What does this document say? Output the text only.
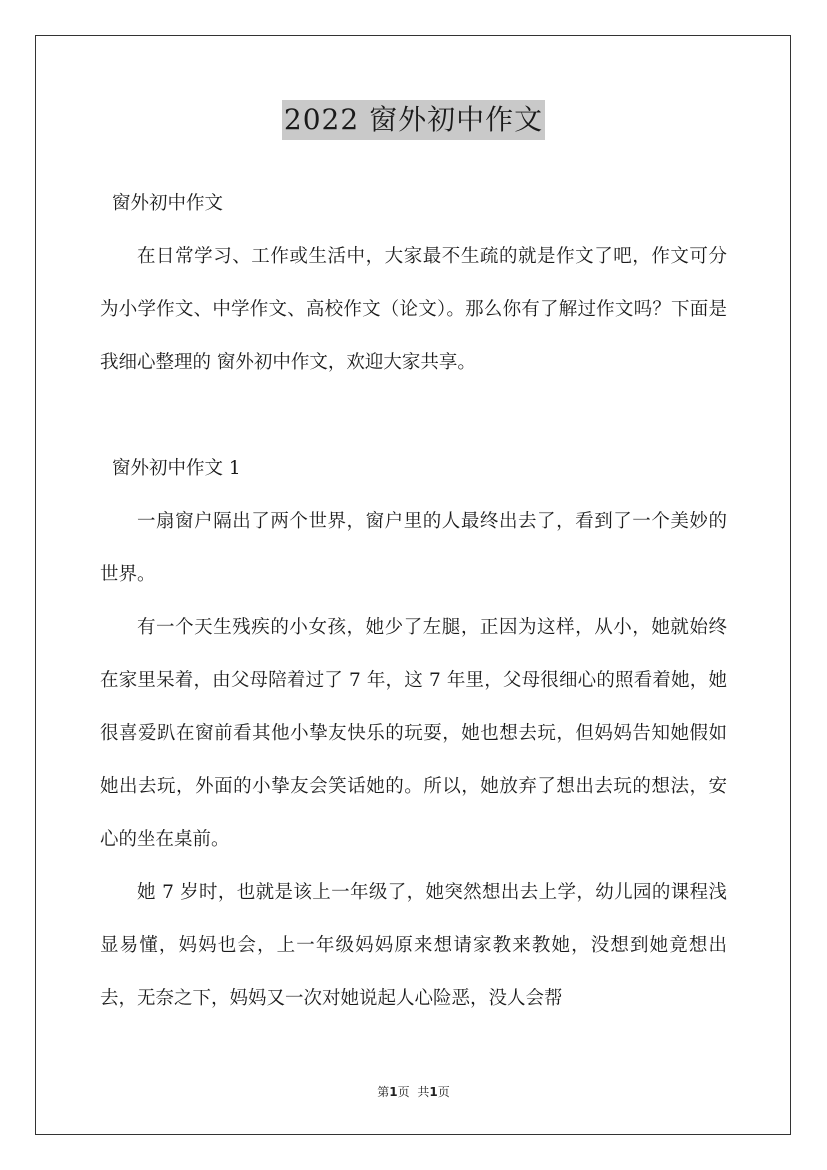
2022 窗外初中作文

窗外初中作文

在日常学习、工作或生活中，大家最不生疏的就是作文了吧，作文可分为小学作文、中学作文、高校作文（论文）。那么你有了解过作文吗？下面是我细心整理的 窗外初中作文，欢迎大家共享。

窗外初中作文 1

一扇窗户隔出了两个世界，窗户里的人最终出去了，看到了一个美妙的世界。

有一个天生残疾的小女孩，她少了左腿，正因为这样，从小，她就始终在家里呆着，由父母陪着过了 7 年，这 7 年里，父母很细心的照看着她，她很喜爱趴在窗前看其他小挚友快乐的玩耍，她也想去玩，但妈妈告知她假如她出去玩，外面的小挚友会笑话她的。所以，她放弃了想出去玩的想法，安心的坐在桌前。

她 7 岁时，也就是该上一年级了，她突然想出去上学，幼儿园的课程浅显易懂，妈妈也会，上一年级妈妈原来想请家教来教她，没想到她竟想出去，无奈之下，妈妈又一次对她说起人心险恶，没人会帮

第1页 共1页
